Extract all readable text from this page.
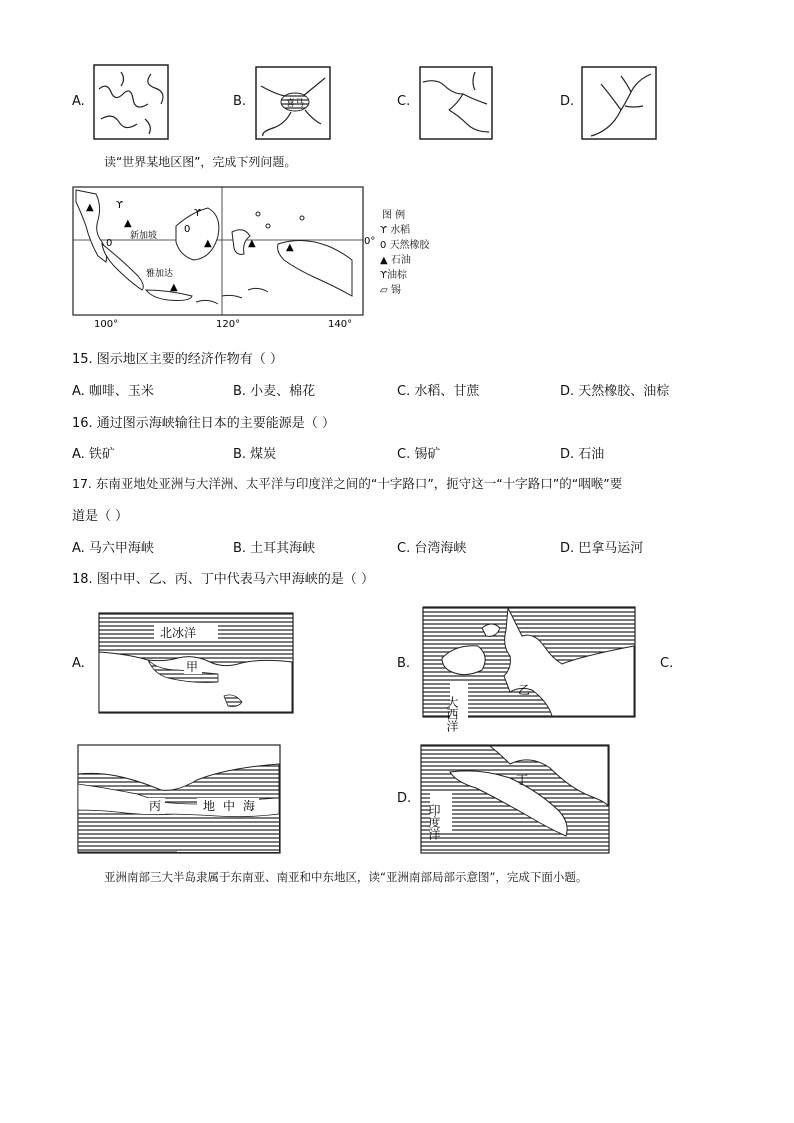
A.	B.	喜马	C.	D.
读“世界某地区图”，完成下列问题。
▲ ϒ
0
▲
0
▲
ϒ
▲	▲
▲
新加坡
雅加达
100°	120°	140°
0°
图 例
ϒ 水稻
0 天然橡胶
▲ 石油
ϒ油棕
▱ 锡
15. 图示地区主要的经济作物有（ ）
A. 咖啡、玉米	B. 小麦、棉花	C. 水稻、甘蔗	D. 天然橡胶、油棕
16. 通过图示海峡输往日本的主要能源是（ ）
A. 铁矿	B. 煤炭	C. 锡矿	D. 石油
17. 东南亚地处亚洲与大洋洲、太平洋与印度洋之间的“十字路口”，扼守这一“十字路口”的“咽喉”要
道是（ ）
A. 马六甲海峡	B. 土耳其海峡	C. 台湾海峡	D. 巴拿马运河
18. 图中甲、乙、丙、丁中代表马六甲海峡的是（ ）
A.
北冰洋
甲	B.
大西洋
乙
C.
丙	地中海	D.
印度洋
丁
亚洲南部三大半岛隶属于东南亚、南亚和中东地区，读“亚洲南部局部示意图”，完成下面小题。
